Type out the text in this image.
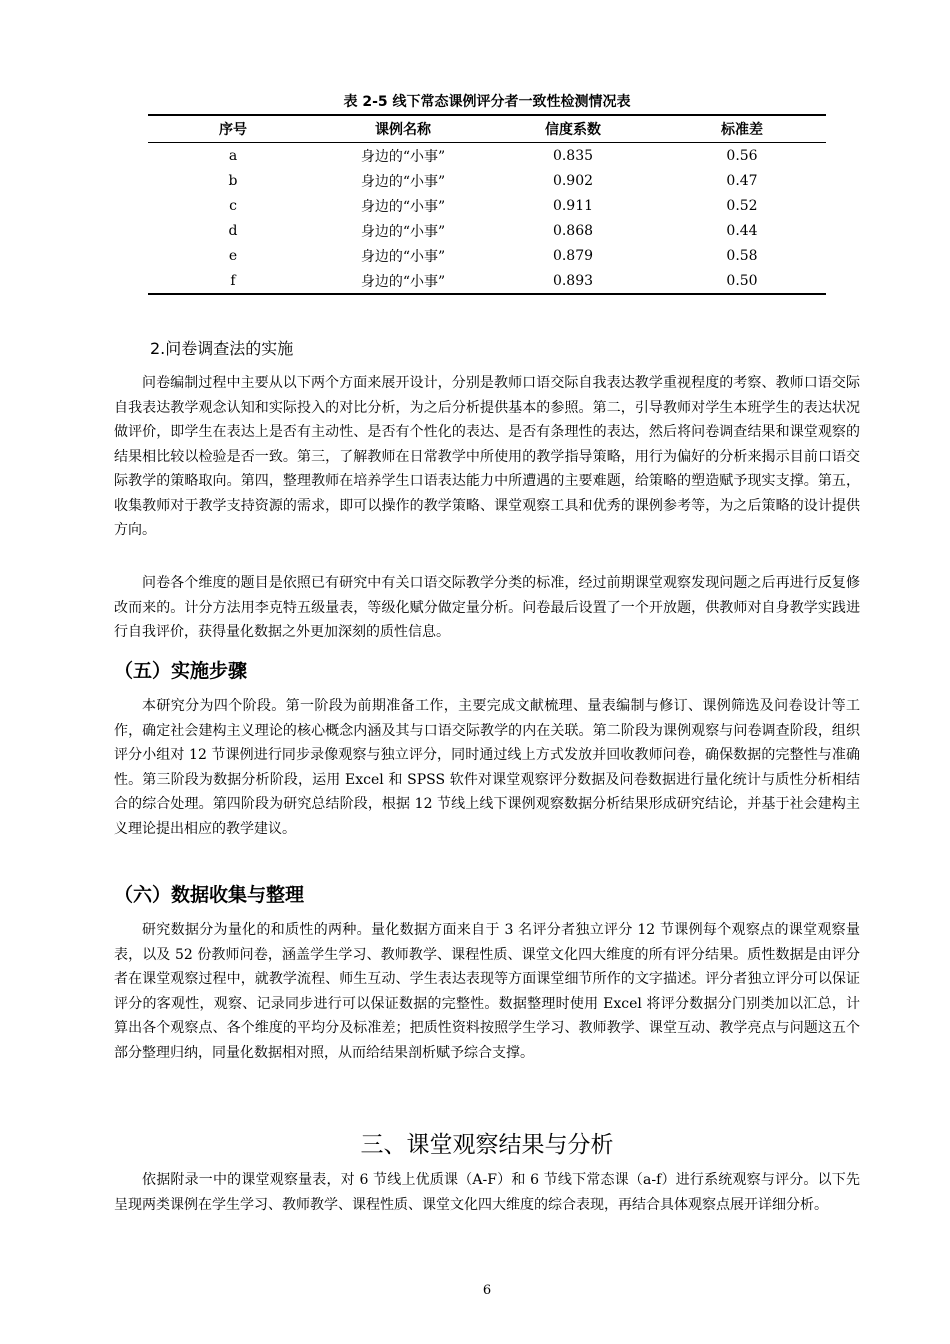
表 2-5 线下常态课例评分者一致性检测情况表
序号	课例名称	信度系数	标准差
a	身边的“小事”	0.835	0.56
b	身边的“小事”	0.902	0.47
c	身边的“小事”	0.911	0.52
d	身边的“小事”	0.868	0.44
e	身边的“小事”	0.879	0.58
f	身边的“小事”	0.893	0.50
2.问卷调查法的实施

问卷编制过程中主要从以下两个方面来展开设计，分别是教师口语交际自我表达教学重视程度的考察、教师口语交际自我表达教学观念认知和实际投入的对比分析，为之后分析提供基本的参照。第二，引导教师对学生本班学生的表达状况做评价，即学生在表达上是否有主动性、是否有个性化的表达、是否有条理性的表达，然后将问卷调查结果和课堂观察的结果相比较以检验是否一致。第三，了解教师在日常教学中所使用的教学指导策略，用行为偏好的分析来揭示目前口语交际教学的策略取向。第四，整理教师在培养学生口语表达能力中所遭遇的主要难题，给策略的塑造赋予现实支撑。第五，收集教师对于教学支持资源的需求，即可以操作的教学策略、课堂观察工具和优秀的课例参考等，为之后策略的设计提供方向。

问卷各个维度的题目是依照已有研究中有关口语交际教学分类的标准，经过前期课堂观察发现问题之后再进行反复修改而来的。计分方法用李克特五级量表，等级化赋分做定量分析。问卷最后设置了一个开放题，供教师对自身教学实践进行自我评价，获得量化数据之外更加深刻的质性信息。

（五）实施步骤

本研究分为四个阶段。第一阶段为前期准备工作，主要完成文献梳理、量表编制与修订、课例筛选及问卷设计等工作，确定社会建构主义理论的核心概念内涵及其与口语交际教学的内在关联。第二阶段为课例观察与问卷调查阶段，组织评分小组对 12 节课例进行同步录像观察与独立评分，同时通过线上方式发放并回收教师问卷，确保数据的完整性与准确性。第三阶段为数据分析阶段，运用 Excel 和 SPSS 软件对课堂观察评分数据及问卷数据进行量化统计与质性分析相结合的综合处理。第四阶段为研究总结阶段，根据 12 节线上线下课例观察数据分析结果形成研究结论，并基于社会建构主义理论提出相应的教学建议。

（六）数据收集与整理

研究数据分为量化的和质性的两种。量化数据方面来自于 3 名评分者独立评分 12 节课例每个观察点的课堂观察量表，以及 52 份教师问卷，涵盖学生学习、教师教学、课程性质、课堂文化四大维度的所有评分结果。质性数据是由评分者在课堂观察过程中，就教学流程、师生互动、学生表达表现等方面课堂细节所作的文字描述。评分者独立评分可以保证评分的客观性，观察、记录同步进行可以保证数据的完整性。数据整理时使用 Excel 将评分数据分门别类加以汇总，计算出各个观察点、各个维度的平均分及标准差；把质性资料按照学生学习、教师教学、课堂互动、教学亮点与问题这五个部分整理归纳，同量化数据相对照，从而给结果剖析赋予综合支撑。

三、课堂观察结果与分析

依据附录一中的课堂观察量表，对 6 节线上优质课（A-F）和 6 节线下常态课（a-f）进行系统观察与评分。以下先呈现两类课例在学生学习、教师教学、课程性质、课堂文化四大维度的综合表现，再结合具体观察点展开详细分析。

6
